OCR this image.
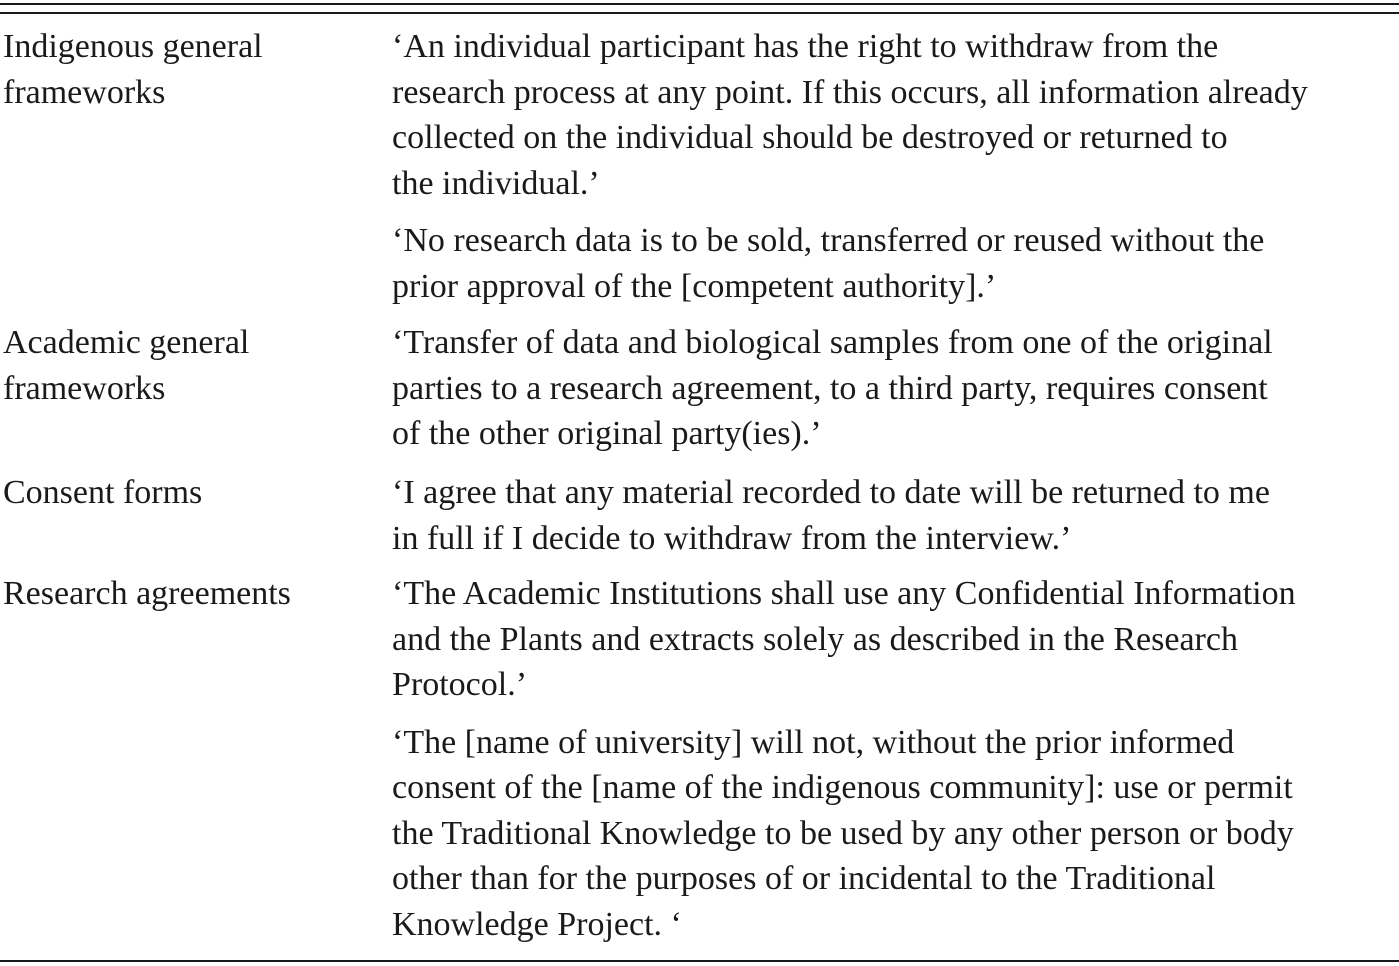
Indigenous general
frameworks

‘An individual participant has the right to withdraw from the
research process at any point. If this occurs, all information already
collected on the individual should be destroyed or returned to
the individual.’

‘No research data is to be sold, transferred or reused without the
prior approval of the [competent authority].’

Academic general
frameworks

‘Transfer of data and biological samples from one of the original
parties to a research agreement, to a third party, requires consent
of the other original party(ies).’

Consent forms	‘I agree that any material recorded to date will be returned to me
in full if I decide to withdraw from the interview.’

Research agreements	‘The Academic Institutions shall use any Confidential Information
and the Plants and extracts solely as described in the Research
Protocol.’

‘The [name of university] will not, without the prior informed
consent of the [name of the indigenous community]: use or permit
the Traditional Knowledge to be used by any other person or body
other than for the purposes of or incidental to the Traditional
Knowledge Project. ‘
